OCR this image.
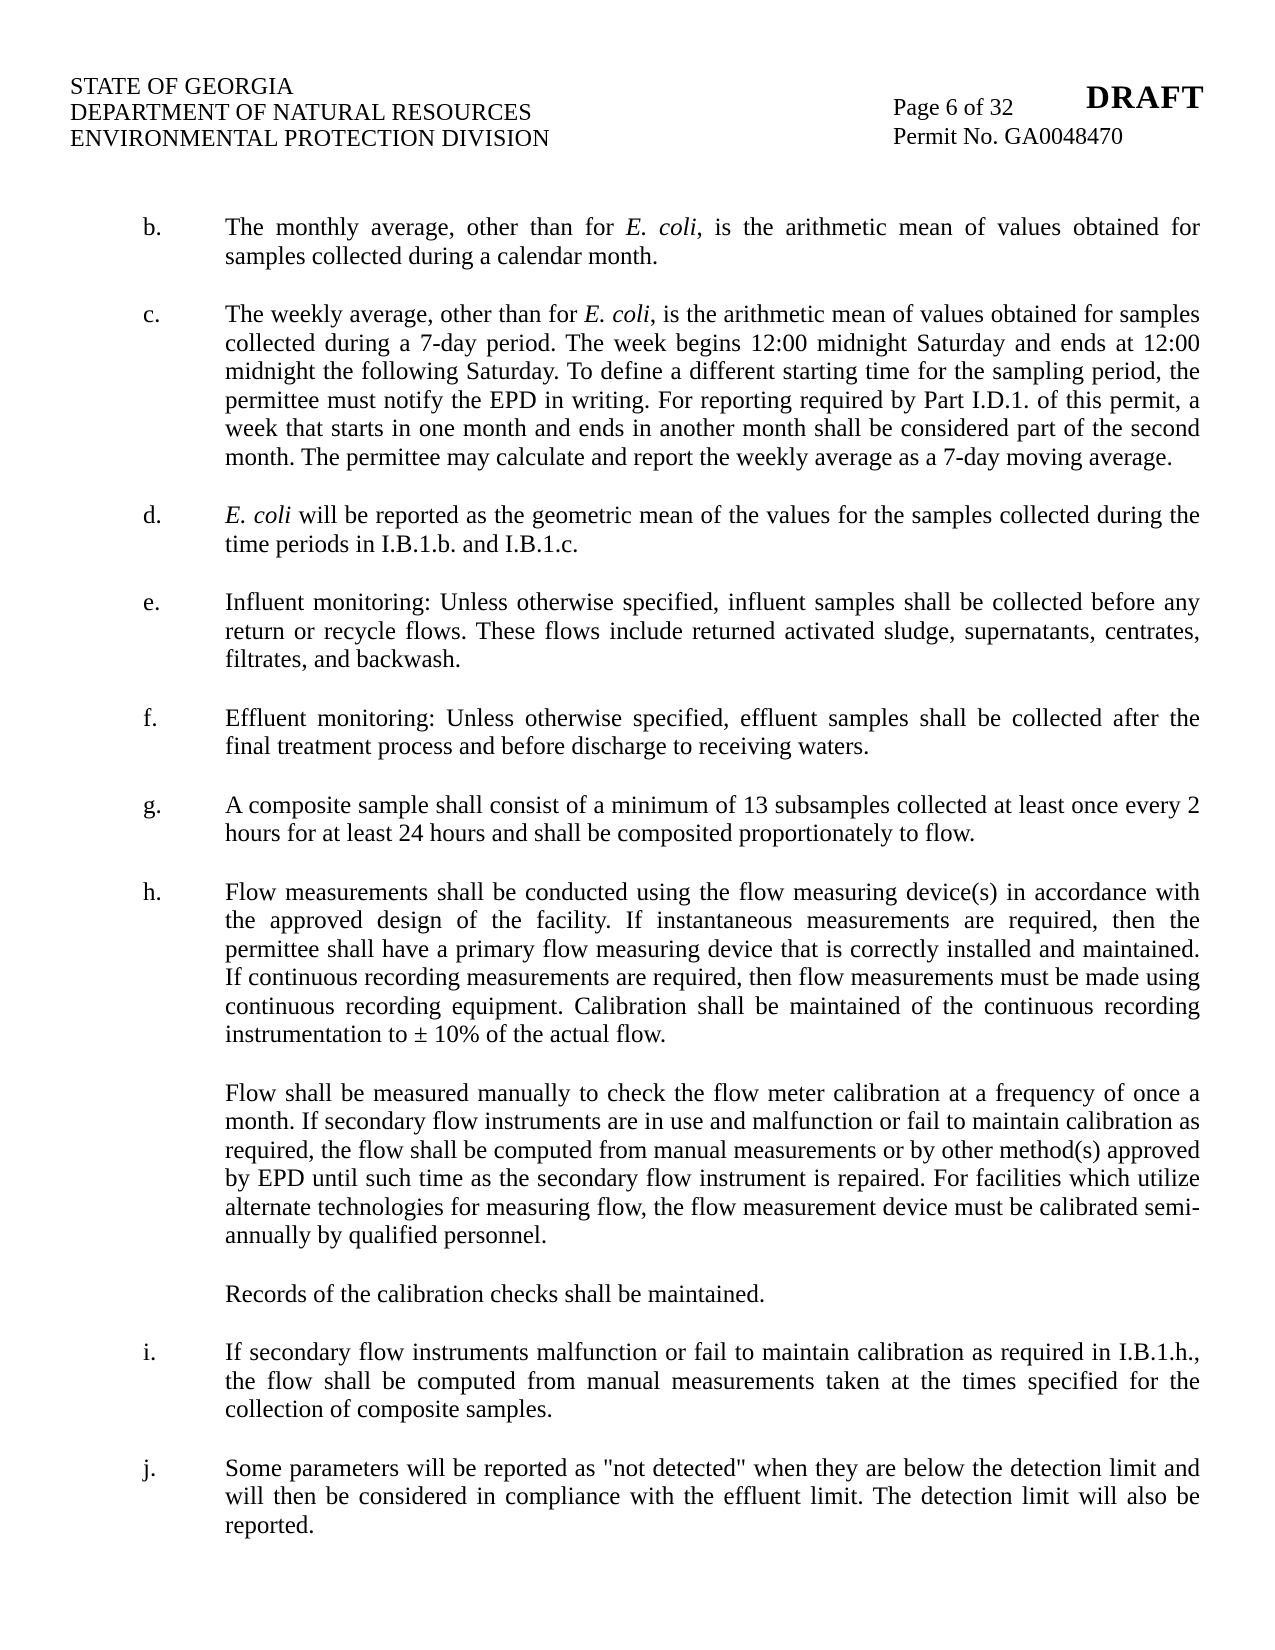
STATE OF GEORGIA
DEPARTMENT OF NATURAL RESOURCES
ENVIRONMENTAL PROTECTION DIVISION
Page 6 of 32
Permit No. GA0048470
DRAFT
b.	The monthly average, other than for E. coli, is the arithmetic mean of values obtained for samples collected during a calendar month.

c.	The weekly average, other than for E. coli, is the arithmetic mean of values obtained for samples collected during a 7-day period. The week begins 12:00 midnight Saturday and ends at 12:00 midnight the following Saturday. To define a different starting time for the sampling period, the permittee must notify the EPD in writing. For reporting required by Part I.D.1. of this permit, a week that starts in one month and ends in another month shall be considered part of the second month. The permittee may calculate and report the weekly average as a 7-day moving average.

d.	E. coli will be reported as the geometric mean of the values for the samples collected during the time periods in I.B.1.b. and I.B.1.c.

e.	Influent monitoring: Unless otherwise specified, influent samples shall be collected before any return or recycle flows. These flows include returned activated sludge, supernatants, centrates, filtrates, and backwash.

f.	Effluent monitoring: Unless otherwise specified, effluent samples shall be collected after the final treatment process and before discharge to receiving waters.

g.	A composite sample shall consist of a minimum of 13 subsamples collected at least once every 2 hours for at least 24 hours and shall be composited proportionately to flow.

h.	Flow measurements shall be conducted using the flow measuring device(s) in accordance with the approved design of the facility. If instantaneous measurements are required, then the permittee shall have a primary flow measuring device that is correctly installed and maintained. If continuous recording measurements are required, then flow measurements must be made using continuous recording equipment. Calibration shall be maintained of the continuous recording instrumentation to ± 10% of the actual flow.

Flow shall be measured manually to check the flow meter calibration at a frequency of once a month. If secondary flow instruments are in use and malfunction or fail to maintain calibration as required, the flow shall be computed from manual measurements or by other method(s) approved by EPD until such time as the secondary flow instrument is repaired. For facilities which utilize alternate technologies for measuring flow, the flow measurement device must be calibrated semi-annually by qualified personnel.

Records of the calibration checks shall be maintained.

i.	If secondary flow instruments malfunction or fail to maintain calibration as required in I.B.1.h., the flow shall be computed from manual measurements taken at the times specified for the collection of composite samples.

j.	Some parameters will be reported as "not detected" when they are below the detection limit and will then be considered in compliance with the effluent limit. The detection limit will also be reported.
